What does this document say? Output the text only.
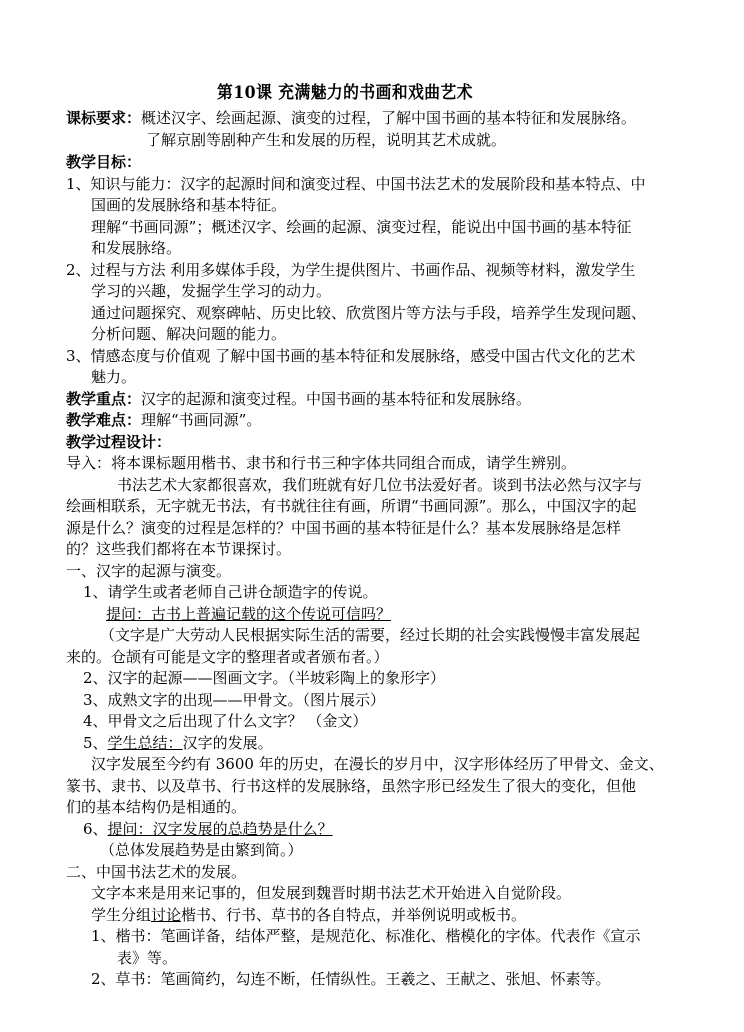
第10课 充满魅力的书画和戏曲艺术
课标要求：概述汉字、绘画起源、演变的过程，了解中国书画的基本特征和发展脉络。
了解京剧等剧种产生和发展的历程，说明其艺术成就。
教学目标：
1、知识与能力：汉字的起源时间和演变过程、中国书法艺术的发展阶段和基本特点、中
国画的发展脉络和基本特征。
理解“书画同源”；概述汉字、绘画的起源、演变过程，能说出中国书画的基本特征
和发展脉络。
2、过程与方法 利用多媒体手段，为学生提供图片、书画作品、视频等材料，激发学生
学习的兴趣，发掘学生学习的动力。
通过问题探究、观察碑帖、历史比较、欣赏图片等方法与手段，培养学生发现问题、
分析问题、解决问题的能力。
3、情感态度与价值观 了解中国书画的基本特征和发展脉络，感受中国古代文化的艺术
魅力。
教学重点：汉字的起源和演变过程。中国书画的基本特征和发展脉络。
教学难点：理解“书画同源”。
教学过程设计：
导入：将本课标题用楷书、隶书和行书三种字体共同组合而成，请学生辨别。
书法艺术大家都很喜欢，我们班就有好几位书法爱好者。谈到书法必然与汉字与
绘画相联系，无字就无书法，有书就往往有画，所谓“书画同源”。那么，中国汉字的起
源是什么？演变的过程是怎样的？中国书画的基本特征是什么？基本发展脉络是怎样
的？这些我们都将在本节课探讨。
一、汉字的起源与演变。
1、请学生或者老师自己讲仓颉造字的传说。
提问：古书上普遍记载的这个传说可信吗？
（文字是广大劳动人民根据实际生活的需要，经过长期的社会实践慢慢丰富发展起
来的。仓颉有可能是文字的整理者或者颁布者。）
2、汉字的起源——图画文字。（半坡彩陶上的象形字）
3、成熟文字的出现——甲骨文。（图片展示）
4、甲骨文之后出现了什么文字？ （金文）
5、学生总结：汉字的发展。
汉字发展至今约有 3600 年的历史，在漫长的岁月中，汉字形体经历了甲骨文、金文、
篆书、隶书、以及草书、行书这样的发展脉络，虽然字形已经发生了很大的变化，但他
们的基本结构仍是相通的。
6、提问：汉字发展的总趋势是什么？
（总体发展趋势是由繁到简。）
二、中国书法艺术的发展。
文字本来是用来记事的，但发展到魏晋时期书法艺术开始进入自觉阶段。
学生分组讨论楷书、行书、草书的各自特点，并举例说明或板书。
1、楷书：笔画详备，结体严整，是规范化、标准化、楷模化的字体。代表作《宣示
表》等。
2、草书：笔画简约，勾连不断，任情纵性。王羲之、王献之、张旭、怀素等。
